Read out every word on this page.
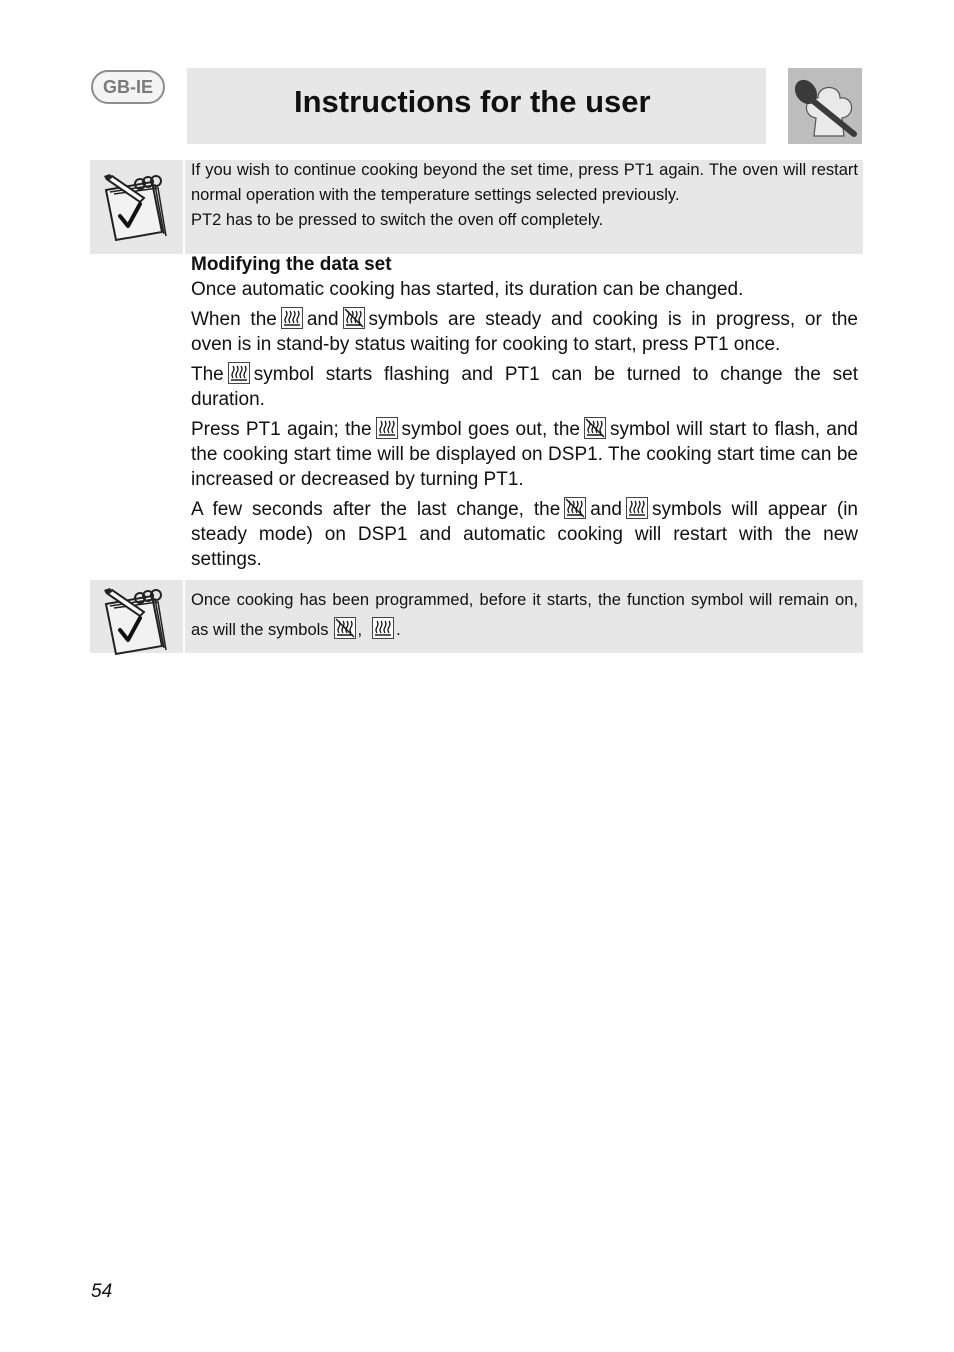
GB-IE	Instructions for the user
If you wish to continue cooking beyond the set time, press PT1 again. The oven will restart normal operation with the temperature settings selected previously.
PT2 has to be pressed to switch the oven off completely.

Modifying the data set

Once automatic cooking has started, its duration can be changed.

When the and symbols are steady and cooking is in progress, or the oven is in stand-by status waiting for cooking to start, press PT1 once.

The symbol starts flashing and PT1 can be turned to change the set duration.

Press PT1 again; the symbol goes out, the symbol will start to flash, and the cooking start time will be displayed on DSP1. The cooking start time can be increased or decreased by turning PT1.

A few seconds after the last change, the and symbols will appear (in steady mode) on DSP1 and automatic cooking will restart with the new settings.

Once cooking has been programmed, before it starts, the function symbol will remain on, as will the symbols , .
54
